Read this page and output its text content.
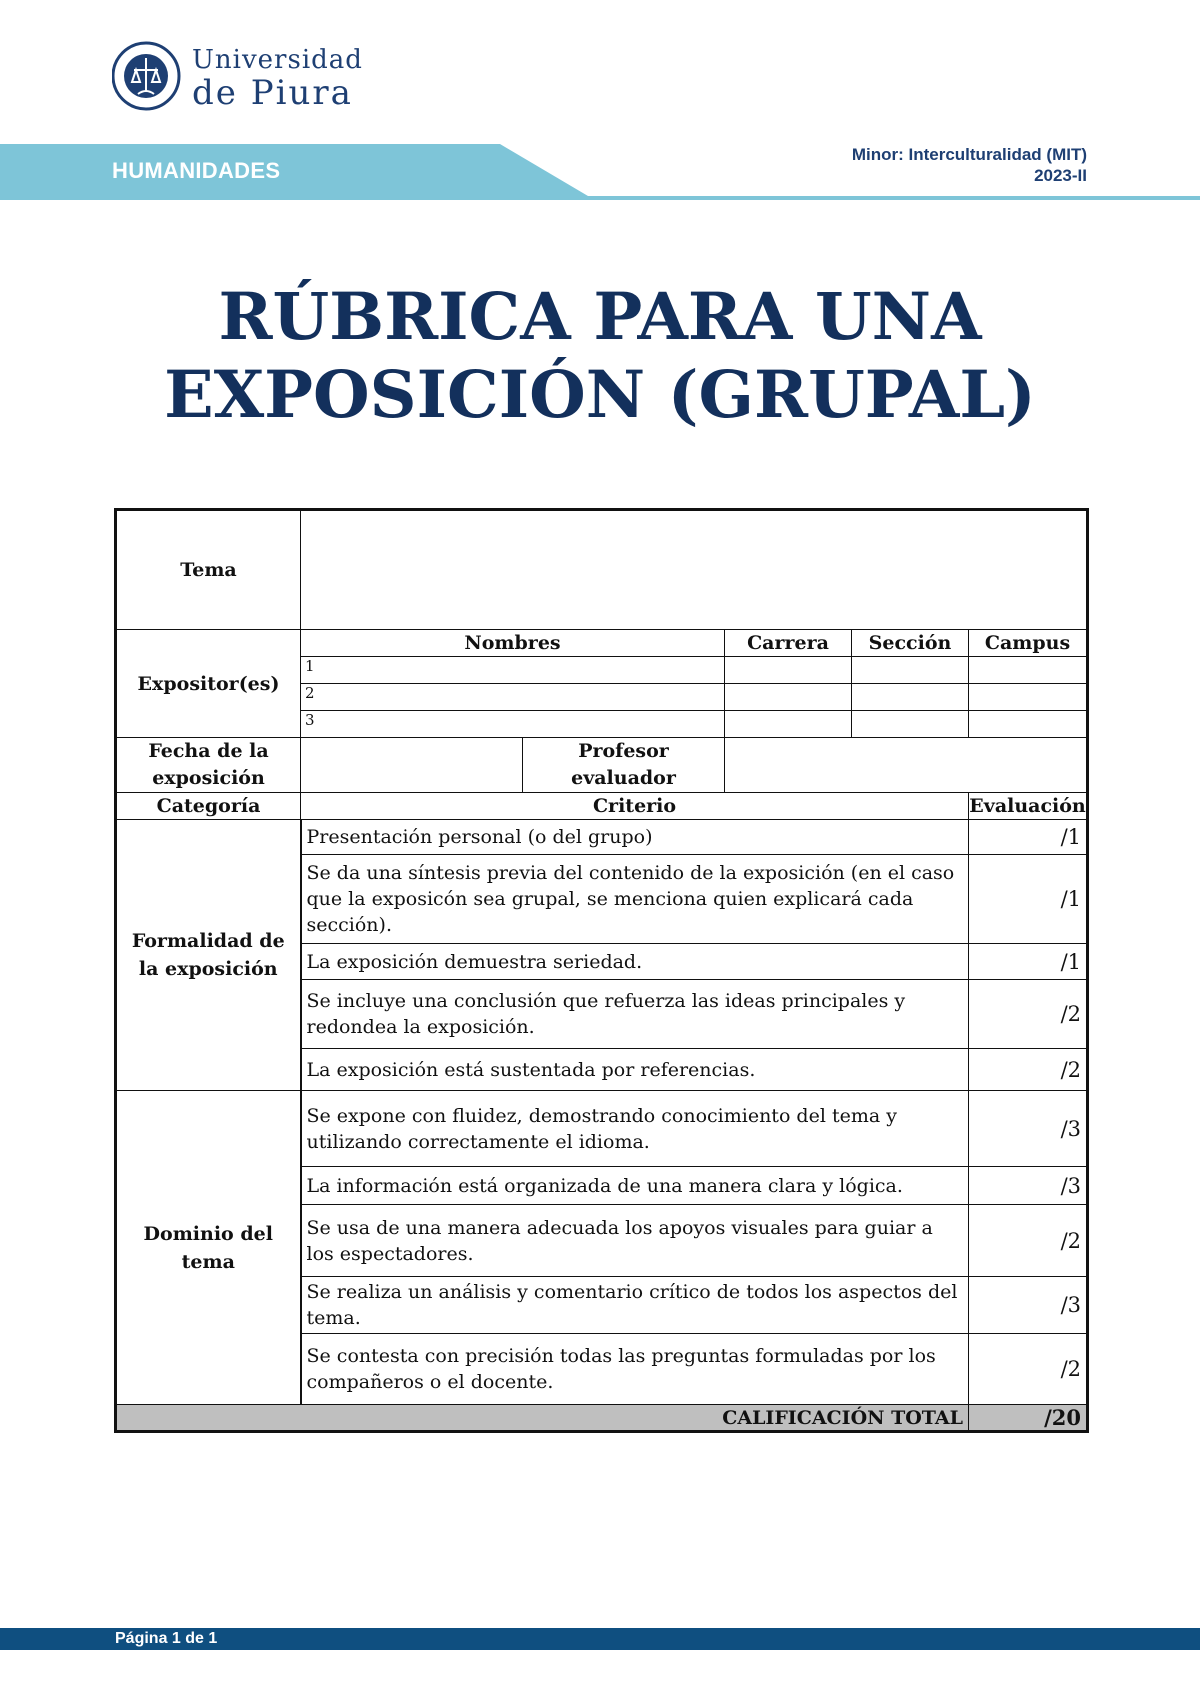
Universidad
de Piura
HUMANIDADES
Minor: Interculturalidad (MIT)
2023-II
RÚBRICA PARA UNA
EXPOSICIÓN (GRUPAL)
Tema					
Expositor(es)	Nombres		Carrera	Sección	Campus
	1				
	2				
	3				
Fecha de la exposición		Profesor evaluador			
Categoría	Criterio				Evaluación
Formalidad de la exposición	Presentación personal (o del grupo)				/1
	Se da una síntesis previa del contenido de la exposición (en el caso que la exposicón sea grupal, se menciona quien explicará cada sección).				/1
	La exposición demuestra seriedad.				/1
	Se incluye una conclusión que refuerza las ideas principales y redondea la exposición.				/2
	La exposición está sustentada por referencias.				/2
Dominio del tema	Se expone con fluidez, demostrando conocimiento del tema y utilizando correctamente el idioma.				/3
	La información está organizada de una manera clara y lógica.				/3
	Se usa de una manera adecuada los apoyos visuales para guiar a los espectadores.				/2
	Se realiza un análisis y comentario crítico de todos los aspectos del tema.				/3
	Se contesta con precisión todas las preguntas formuladas por los compañeros o el docente.				/2
CALIFICACIÓN TOTAL					/20
Página 1 de 1
